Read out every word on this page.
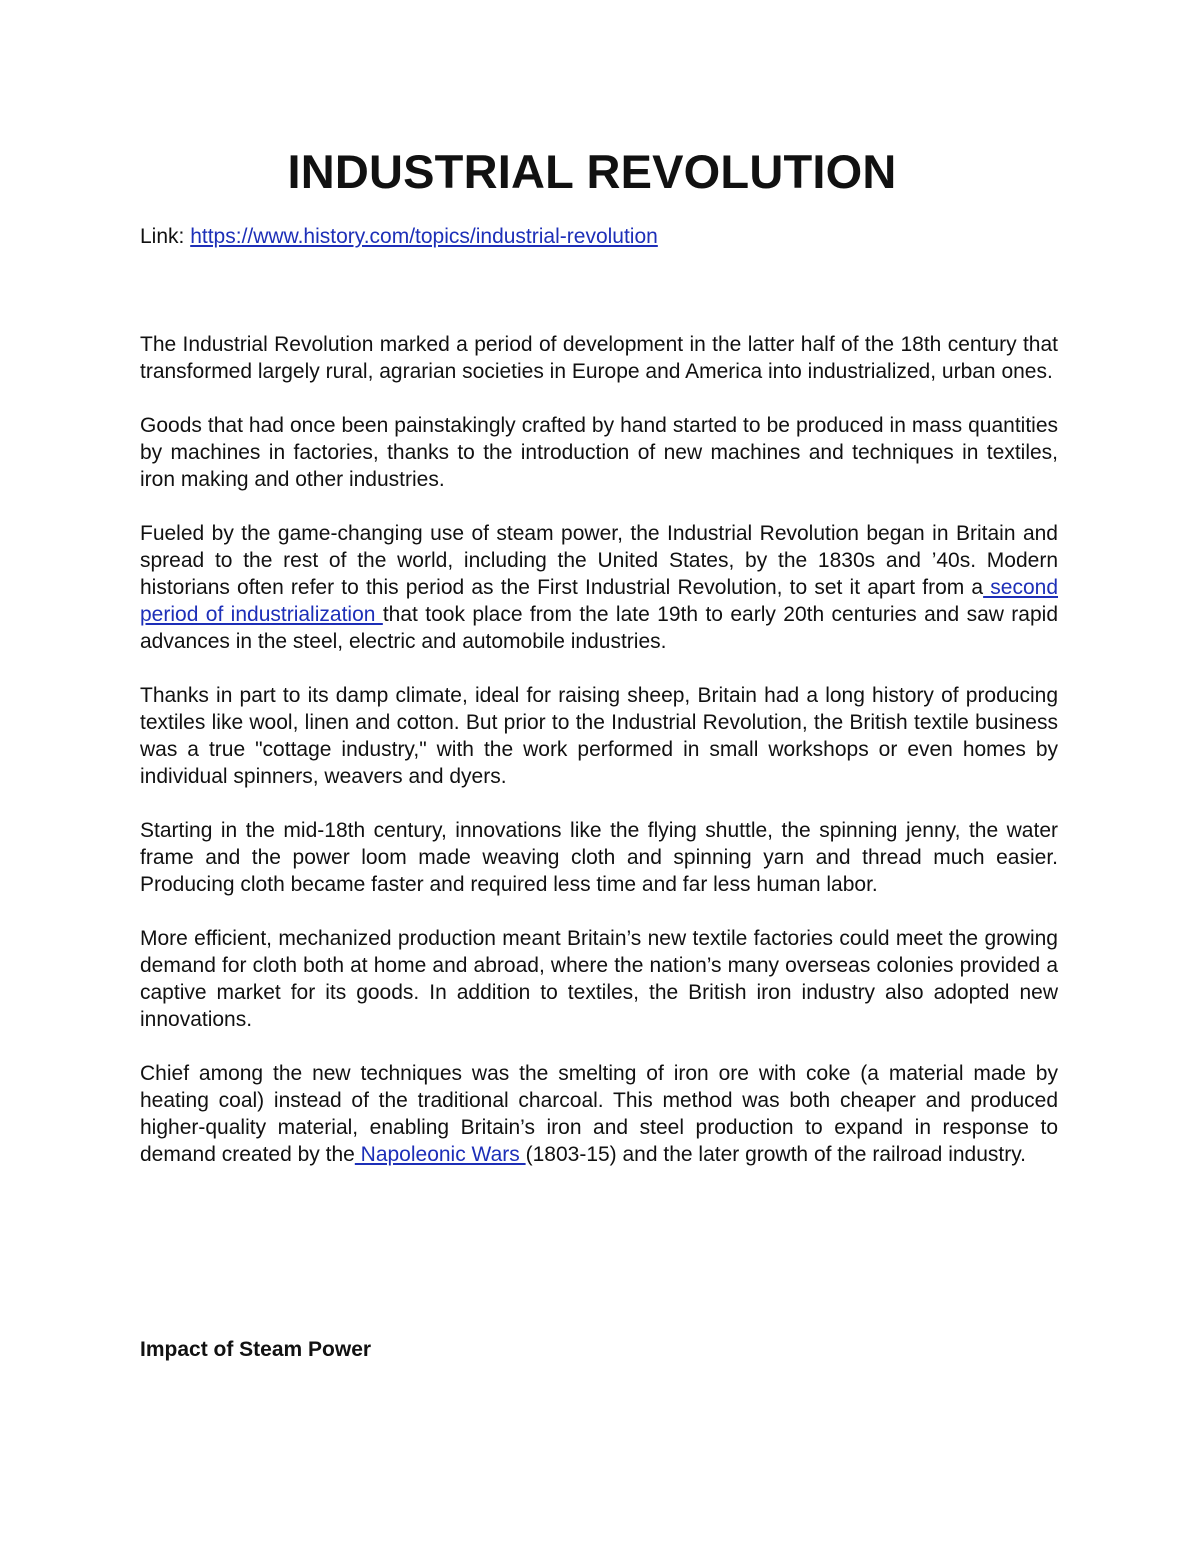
INDUSTRIAL REVOLUTION

Link: https://www.history.com/topics/industrial-revolution

The Industrial Revolution marked a period of development in the latter half of the 18th century that transformed largely rural, agrarian societies in Europe and America into industrialized, urban ones.

Goods that had once been painstakingly crafted by hand started to be produced in mass quantities by machines in factories, thanks to the introduction of new machines and techniques in textiles, iron making and other industries.

Fueled by the game-changing use of steam power, the Industrial Revolution began in Britain and spread to the rest of the world, including the United States, by the 1830s and ’40s. Modern historians often refer to this period as the First Industrial Revolution, to set it apart from a second period of industrialization that took place from the late 19th to early 20th centuries and saw rapid advances in the steel, electric and automobile industries.

Thanks in part to its damp climate, ideal for raising sheep, Britain had a long history of producing textiles like wool, linen and cotton. But prior to the Industrial Revolution, the British textile business was a true "cottage industry," with the work performed in small workshops or even homes by individual spinners, weavers and dyers.

Starting in the mid-18th century, innovations like the flying shuttle, the spinning jenny, the water frame and the power loom made weaving cloth and spinning yarn and thread much easier. Producing cloth became faster and required less time and far less human labor.

More efficient, mechanized production meant Britain’s new textile factories could meet the growing demand for cloth both at home and abroad, where the nation’s many overseas colonies provided a captive market for its goods. In addition to textiles, the British iron industry also adopted new innovations.

Chief among the new techniques was the smelting of iron ore with coke (a material made by heating coal) instead of the traditional charcoal. This method was both cheaper and produced higher-quality material, enabling Britain’s iron and steel production to expand in response to demand created by the Napoleonic Wars (1803-15) and the later growth of the railroad industry.

Impact of Steam Power
